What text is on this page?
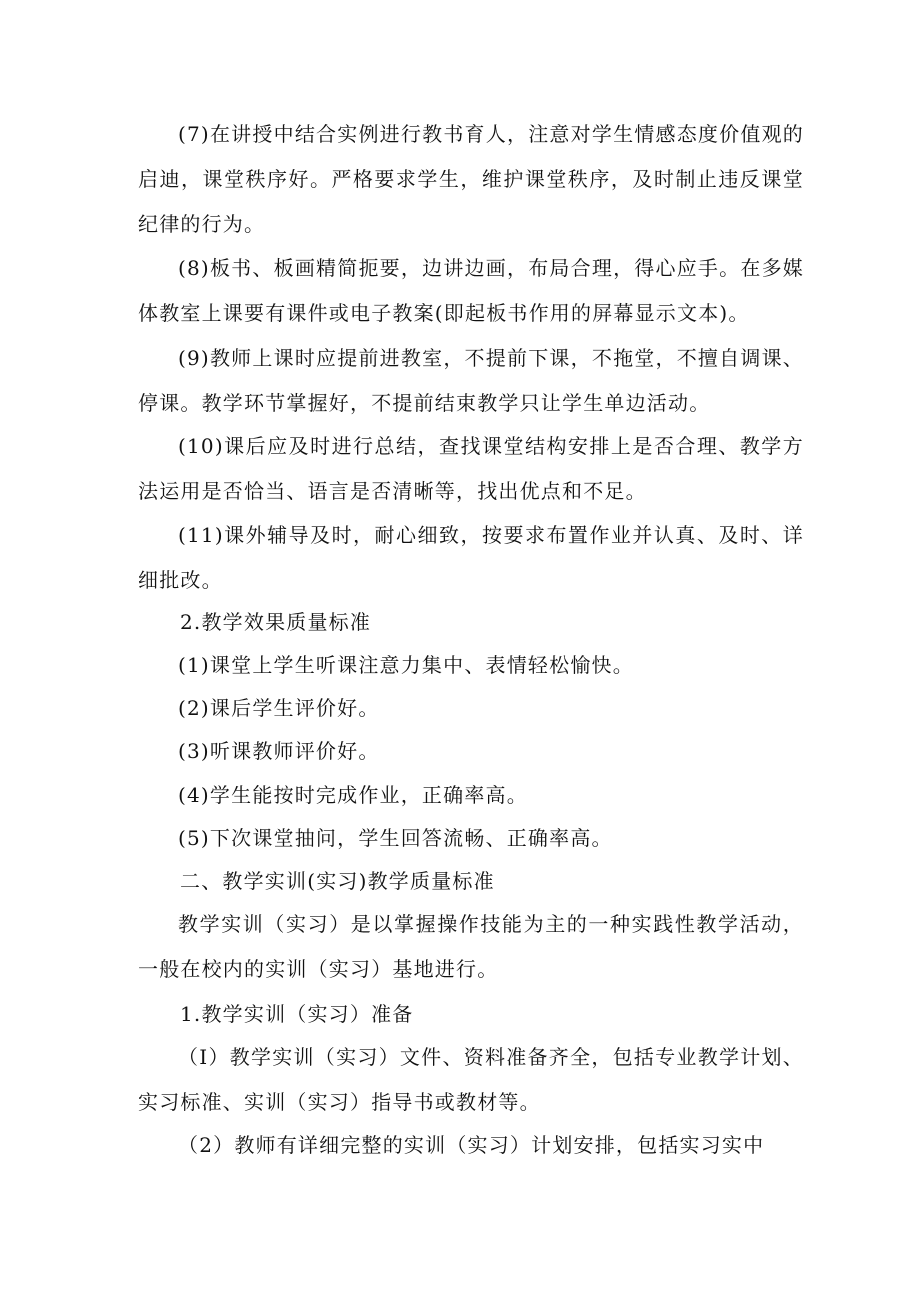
(7)在讲授中结合实例进行教书育人，注意对学生情感态度价值观的启迪，课堂秩序好。严格要求学生，维护课堂秩序，及时制止违反课堂纪律的行为。

(8)板书、板画精简扼要，边讲边画，布局合理，得心应手。在多媒体教室上课要有课件或电子教案(即起板书作用的屏幕显示文本)。

(9)教师上课时应提前进教室，不提前下课，不拖堂，不擅自调课、停课。教学环节掌握好，不提前结束教学只让学生单边活动。

(10)课后应及时进行总结，查找课堂结构安排上是否合理、教学方法运用是否恰当、语言是否清晰等，找出优点和不足。

(11)课外辅导及时，耐心细致，按要求布置作业并认真、及时、详细批改。

2.教学效果质量标准

(1)课堂上学生听课注意力集中、表情轻松愉快。

(2)课后学生评价好。

(3)听课教师评价好。

(4)学生能按时完成作业，正确率高。

(5)下次课堂抽问，学生回答流畅、正确率高。

二、教学实训(实习)教学质量标准

教学实训（实习）是以掌握操作技能为主的一种实践性教学活动，一般在校内的实训（实习）基地进行。

1.教学实训（实习）准备

（I）教学实训（实习）文件、资料准备齐全，包括专业教学计划、实习标准、实训（实习）指导书或教材等。

（2）教师有详细完整的实训（实习）计划安排，包括实习实中
